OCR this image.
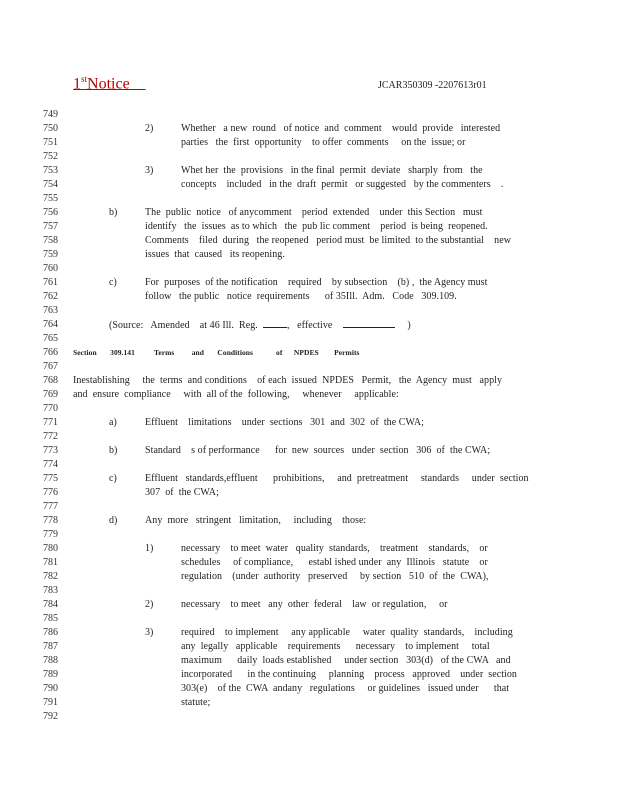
1stNotice	JCAR350309 -2207613r01
749
750
751
752
753
754
755
756
757
758
759
760
761
762
763
764
765
766
767
768
769
770
771
772
773
774
775
776
777
778
779
780
781
782
783
784
785
786
787
788
789
790
791
792
2)	Whether   a new  round   of notice  and  comment    would  provide   interested
parties   the  first  opportunity    to offer  comments     on the  issue; or
3)	Whet her  the  provisions   in the final  permit  deviate   sharply  from   the
concepts    included   in the  draft  permit   or suggested   by the commenters    .
b)	The  public  notice   of anycomment    period  extended    under  this Section   must
identify   the  issues  as to which   the  pub lic comment    period  is being  reopened.
Comments    filed  during   the reopened   period must  be limited  to the substantial    new
issues  that  caused   its reopening.
c)	For  purposes  of the notification    required    by subsection    (b) ,  the Agency must
follow   the public   notice  requirements      of 35Ill.  Adm.   Code   309.109.
(Source:   Amended    at 46 Ill.  Reg.	,   effective	)
Section       309.141          Terms         and       Conditions            of      NPDES        Permits
Inestablishing     the  terms  and conditions    of each  issued  NPDES   Permit,   the  Agency  must   apply
and  ensure  compliance     with  all of the  following,     whenever     applicable:
a)	Effluent    limitations    under  sections   301  and  302  of  the CWA;
b)	Standard    s of performance      for  new  sources   under  section   306  of  the CWA;
c)	Effluent   standards,effluent      prohibitions,     and  pretreatment     standards     under  section
307  of  the CWA;
d)	Any  more   stringent   limitation,     including    those:
1)	necessary    to meet  water   quality  standards,    treatment    standards,    or
schedules     of compliance,      establ ished under  any  Illinois   statute    or
regulation    (under  authority   preserved     by section   510  of  the  CWA),
2)	necessary    to meet   any  other  federal    law  or regulation,     or
3)	required    to implement     any applicable     water  quality  standards,    including
any  legally   applicable    requirements      necessary    to implement     total
maximum      daily  loads established     under section   303(d)   of the CWA   and
incorporated      in the continuing     planning    process   approved    under  section
303(e)    of the  CWA  andany   regulations     or guidelines   issued under      that
statute;
